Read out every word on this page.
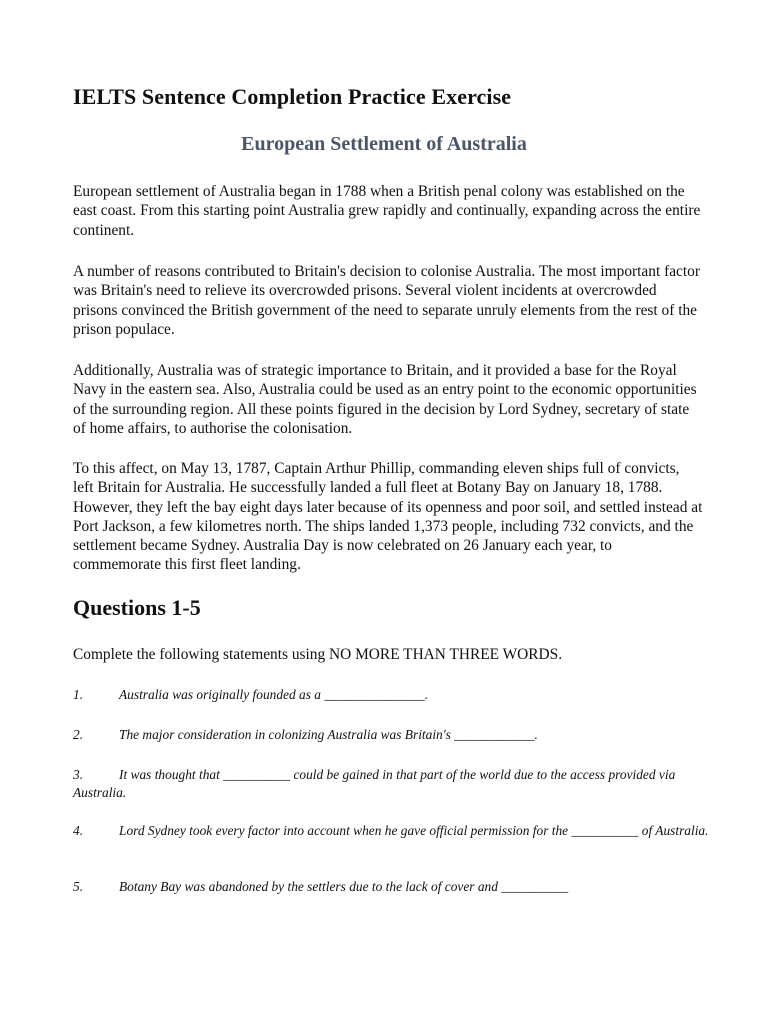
IELTS Sentence Completion Practice Exercise
European Settlement of Australia

European settlement of Australia began in 1788 when a British penal colony was established on the east coast. From this starting point Australia grew rapidly and continually, expanding across the entire continent.

A number of reasons contributed to Britain's decision to colonise Australia. The most important factor was Britain's need to relieve its overcrowded prisons. Several violent incidents at overcrowded prisons convinced the British government of the need to separate unruly elements from the rest of the prison populace.

Additionally, Australia was of strategic importance to Britain, and it provided a base for the Royal Navy in the eastern sea. Also, Australia could be used as an entry point to the economic opportunities of the surrounding region. All these points figured in the decision by Lord Sydney, secretary of state of home affairs, to authorise the colonisation.

To this affect, on May 13, 1787, Captain Arthur Phillip, commanding eleven ships full of convicts, left Britain for Australia. He successfully landed a full fleet at Botany Bay on January 18, 1788. However, they left the bay eight days later because of its openness and poor soil, and settled instead at Port Jackson, a few kilometres north. The ships landed 1,373 people, including 732 convicts, and the settlement became Sydney. Australia Day is now celebrated on 26 January each year, to commemorate this first fleet landing.

Questions 1-5

Complete the following statements using NO MORE THAN THREE WORDS.

1.	Australia was originally founded as a _______________.

2.	The major consideration in colonizing Australia was Britain's ____________.

3.	It was thought that __________ could be gained in that part of the world due to the access provided via Australia.

4.	Lord Sydney took every factor into account when he gave official permission for the __________ of Australia.

5.	Botany Bay was abandoned by the settlers due to the lack of cover and __________
